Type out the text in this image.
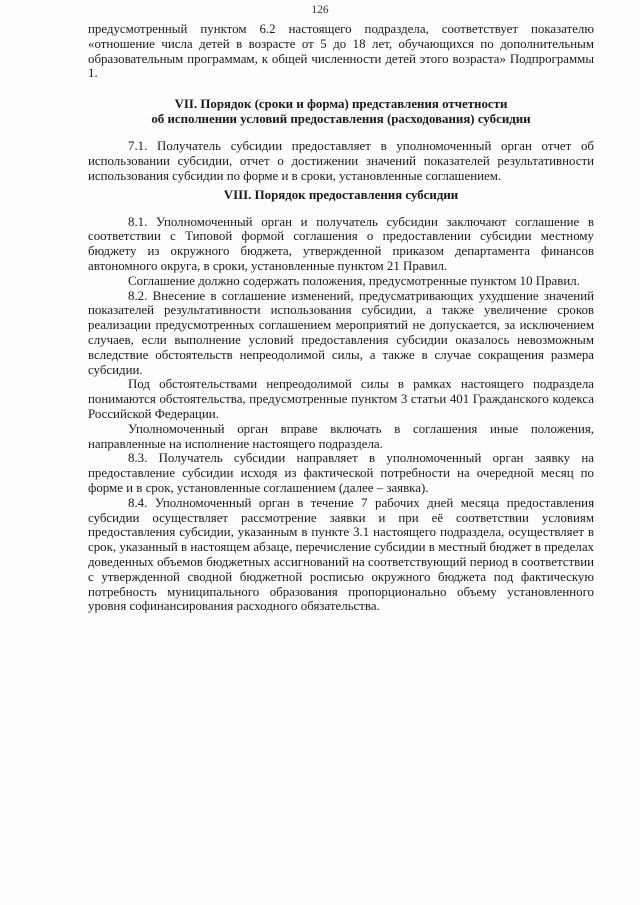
126

предусмотренный пунктом 6.2 настоящего подраздела, соответствует показателю «отношение числа детей в возрасте от 5 до 18 лет, обучающихся по дополнительным образовательным программам, к общей численности детей этого возраста» Подпрограммы 1.

VII. Порядок (сроки и форма) представления отчетности

об исполнении условий предоставления (расходования) субсидии

7.1. Получатель субсидии предоставляет в уполномоченный орган отчет об использовании субсидии, отчет о достижении значений показателей результативности использования субсидии по форме и в сроки, установленные соглашением.

VIII. Порядок предоставления субсидии

8.1. Уполномоченный орган и получатель субсидии заключают соглашение в соответствии с Типовой формой соглашения о предоставлении субсидии местному бюджету из окружного бюджета, утвержденной приказом департамента финансов автономного округа, в сроки, установленные пунктом 21 Правил.

Соглашение должно содержать положения, предусмотренные пунктом 10 Правил.

8.2. Внесение в соглашение изменений, предусматривающих ухудшение значений показателей результативности использования субсидии, а также увеличение сроков реализации предусмотренных соглашением мероприятий не допускается, за исключением случаев, если выполнение условий предоставления субсидии оказалось невозможным вследствие обстоятельств непреодолимой силы, а также в случае сокращения размера субсидии.

Под обстоятельствами непреодолимой силы в рамках настоящего подраздела понимаются обстоятельства, предусмотренные пунктом 3 статьи 401 Гражданского кодекса Российской Федерации.

Уполномоченный орган вправе включать в соглашения иные положения, направленные на исполнение настоящего подраздела.

8.3. Получатель субсидии направляет в уполномоченный орган заявку на предоставление субсидии исходя из фактической потребности на очередной месяц по форме и в срок, установленные соглашением (далее – заявка).

8.4. Уполномоченный орган в течение 7 рабочих дней месяца предоставления субсидии осуществляет рассмотрение заявки и при её соответствии условиям предоставления субсидии, указанным в пункте 3.1 настоящего подраздела, осуществляет в срок, указанный в настоящем абзаце, перечисление субсидии в местный бюджет в пределах доведенных объемов бюджетных ассигнований на соответствующий период в соответствии с утвержденной сводной бюджетной росписью окружного бюджета под фактическую потребность муниципального образования пропорционально объему установленного уровня софинансирования расходного обязательства.
